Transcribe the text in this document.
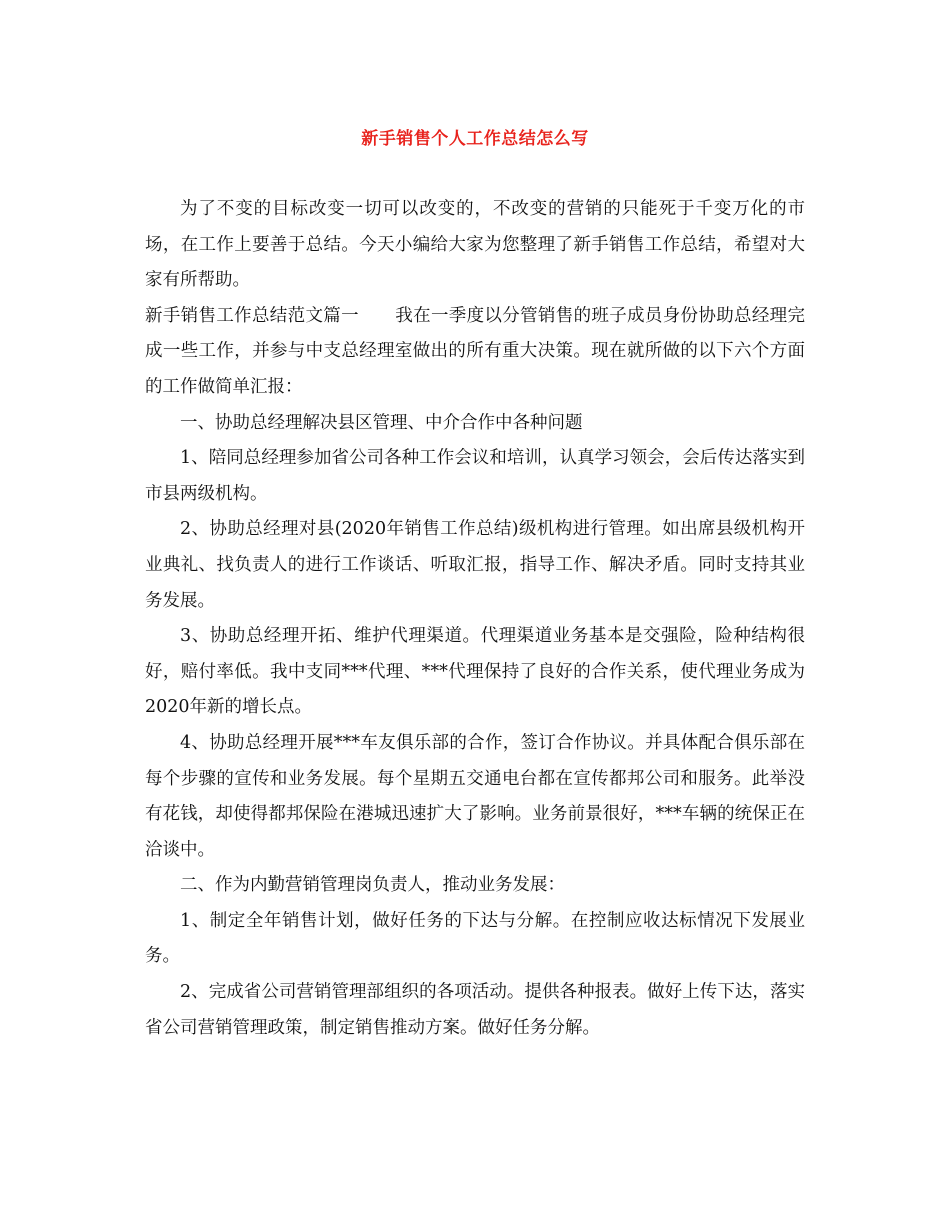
新手销售个人工作总结怎么写

为了不变的目标改变一切可以改变的，不改变的营销的只能死于千变万化的市场，在工作上要善于总结。今天小编给大家为您整理了新手销售工作总结，希望对大家有所帮助。

新手销售工作总结范文篇一 我在一季度以分管销售的班子成员身份协助总经理完成一些工作，并参与中支总经理室做出的所有重大决策。现在就所做的以下六个方面的工作做简单汇报：

一、协助总经理解决县区管理、中介合作中各种问题

1、陪同总经理参加省公司各种工作会议和培训，认真学习领会，会后传达落实到市县两级机构。

2、协助总经理对县(2020年销售工作总结)级机构进行管理。如出席县级机构开业典礼、找负责人的进行工作谈话、听取汇报，指导工作、解决矛盾。同时支持其业务发展。

3、协助总经理开拓、维护代理渠道。代理渠道业务基本是交强险，险种结构很好，赔付率低。我中支同***代理、***代理保持了良好的合作关系，使代理业务成为2020年新的增长点。

4、协助总经理开展***车友俱乐部的合作，签订合作协议。并具体配合俱乐部在每个步骤的宣传和业务发展。每个星期五交通电台都在宣传都邦公司和服务。此举没有花钱，却使得都邦保险在港城迅速扩大了影响。业务前景很好，***车辆的统保正在洽谈中。

二、作为内勤营销管理岗负责人，推动业务发展：

1、制定全年销售计划，做好任务的下达与分解。在控制应收达标情况下发展业务。

2、完成省公司营销管理部组织的各项活动。提供各种报表。做好上传下达，落实省公司营销管理政策，制定销售推动方案。做好任务分解。
